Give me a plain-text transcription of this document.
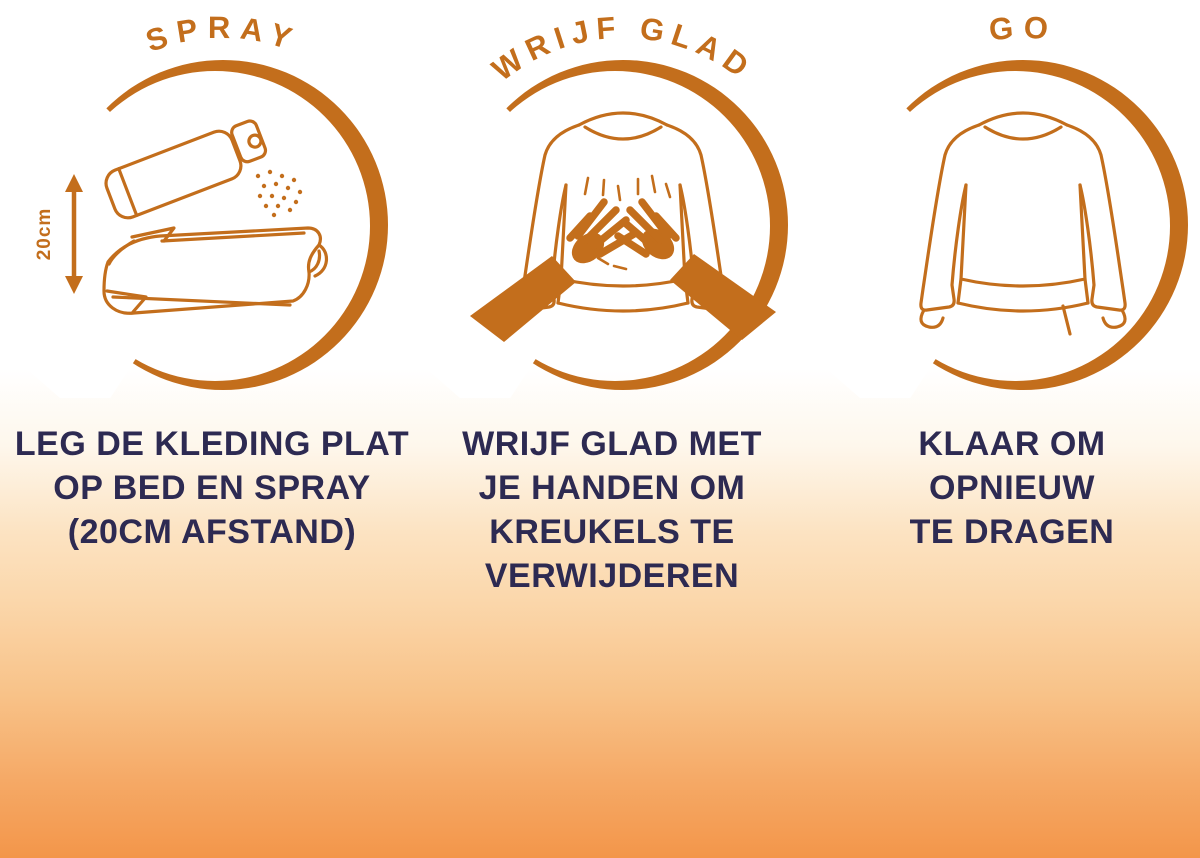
SPRAY
20cm
LEG DE KLEDING PLAT
OP BED EN SPRAY
(20CM AFSTAND)
WRIJF GLAD
WRIJF GLAD MET
JE HANDEN OM
KREUKELS TE
VERWIJDEREN
GO
KLAAR OM
OPNIEUW
TE DRAGEN
